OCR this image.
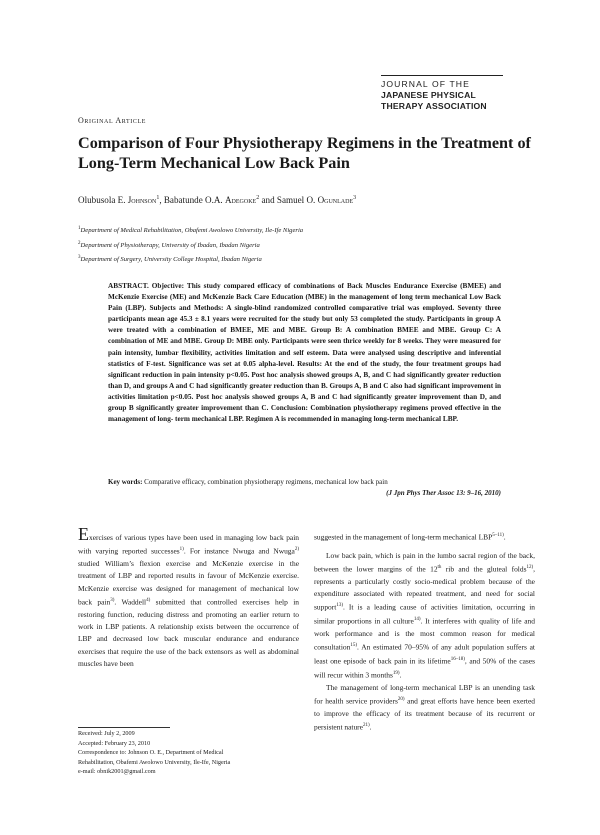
JOURNAL OF THE
JAPANESE PHYSICAL
THERAPY ASSOCIATION
Original Article
Comparison of Four Physiotherapy Regimens in the Treatment of Long-Term Mechanical Low Back Pain
Olubusola E. Johnson$^1$, Babatunde O.A. Adegoke$^2$ and Samuel O. Ogunlade$^3$
$^1$Department of Medical Rehabilitation, Obafemi Awolowo University, Ile-Ife Nigeria
$^2$Department of Physiotherapy, University of Ibadan, Ibadan Nigeria
$^3$Department of Surgery, University College Hospital, Ibadan Nigeria
ABSTRACT. Objective: This study compared efficacy of combinations of Back Muscles Endurance Exercise (BMEE) and McKenzie Exercise (ME) and McKenzie Back Care Education (MBE) in the management of long term mechanical Low Back Pain (LBP). Subjects and Methods: A single-blind randomized controlled comparative trial was employed. Seventy three participants mean age 45.3 ± 8.1 years were recruited for the study but only 53 completed the study. Participants in group A were treated with a combination of BMEE, ME and MBE. Group B: A combination BMEE and MBE. Group C: A combination of ME and MBE. Group D: MBE only. Participants were seen thrice weekly for 8 weeks. They were measured for pain intensity, lumbar flexibility, activities limitation and self esteem. Data were analysed using descriptive and inferential statistics of F-test. Significance was set at 0.05 alpha-level. Results: At the end of the study, the four treatment groups had significant reduction in pain intensity p<0.05. Post hoc analysis showed groups A, B, and C had significantly greater reduction than D, and groups A and C had significantly greater reduction than B. Groups A, B and C also had significant improvement in activities limitation p<0.05. Post hoc analysis showed groups A, B and C had significantly greater improvement than D, and group B significantly greater improvement than C. Conclusion: Combination physiotherapy regimens proved effective in the management of long- term mechanical LBP. Regimen A is recommended in managing long-term mechanical LBP.
Key words: Comparative efficacy, combination physiotherapy regimens, mechanical low back pain
(J Jpn Phys Ther Assoc 13: 9–16, 2010)

Exercises of various types have been used in managing low back pain with varying reported successes$^{1)}$. For instance Nwuga and Nwuga$^{2)}$ studied William’s flexion exercise and McKenzie exercise in the treatment of LBP and reported results in favour of McKenzie exercise. McKenzie exercise was designed for management of mechanical low back pain$^{3)}$. Waddell$^{4)}$ submitted that controlled exercises help in restoring function, reducing distress and promoting an earlier return to work in LBP patients. A relationship exists between the occurrence of LBP and decreased low back muscular endurance and endurance exercises that require the use of the back extensors as well as abdominal muscles have been

Received: July 2, 2009
Accepted: February 23, 2010
Correspondence to: Johnson O. E., Department of Medical
Rehabilitation, Obafemi Awolowo University, Ile-Ife, Nigeria
e-mail: obnik2001@gmail.com

suggested in the management of long-term mechanical LBP$^{5-11)}$.

Low back pain, which is pain in the lumbo sacral region of the back, between the lower margins of the 12th rib and the gluteal folds$^{12)}$, represents a particularly costly socio-medical problem because of the expenditure associated with repeated treatment, and need for social support$^{13)}$. It is a leading cause of activities limitation, occurring in similar proportions in all culture$^{14)}$. It interferes with quality of life and work performance and is the most common reason for medical consultation$^{15)}$. An estimated 70–95% of any adult population suffers at least one episode of back pain in its lifetime$^{16-18)}$, and 50% of the cases will recur within 3 months$^{19)}$.

The management of long-term mechanical LBP is an unending task for health service providers$^{20)}$ and great efforts have hence been exerted to improve the efficacy of its treatment because of its recurrent or persistent nature$^{21)}$.
